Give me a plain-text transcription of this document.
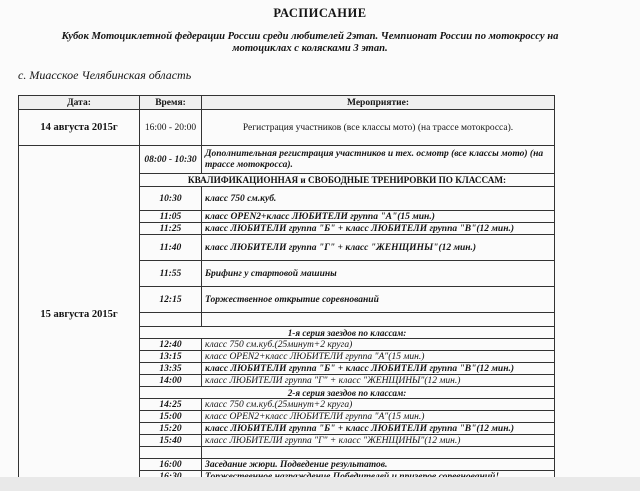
РАСПИСАНИЕ
Кубок Мотоциклетной федерации России среди любителей 2этап. Чемпионат России по мотокроссу на мотоциклах с колясками 3 этап.
с. Миасское Челябинская область
Дата:	Время:	Мероприятие:
14 августа 2015г	16:00 - 20:00	Регистрация участников (все классы мото) (на трассе мотокросса).
15 августа 2015г	08:00 - 10:30	Дополнительная регистрация участников и тех. осмотр (все классы мото) (на трассе мотокросса).
	КВАЛИФИКАЦИОННАЯ и СВОБОДНЫЕ ТРЕНИРОВКИ ПО КЛАССАМ:	
	10:30	класс 750 см.куб.
	11:05	класс OPEN2+класс ЛЮБИТЕЛИ группа "А"(15 мин.)
	11:25	класс ЛЮБИТЕЛИ группа "Б" + класс ЛЮБИТЕЛИ группа "В"(12 мин.)
	11:40	класс ЛЮБИТЕЛИ группа "Г" + класс "ЖЕНЩИНЫ"(12 мин.)
	11:55	Брифинг у стартовой машины
	12:15	Торжественное открытие соревнований

	1-я серия заездов по классам:	
	12:40	класс 750 см.куб.(25минут+2 круга)
	13:15	класс OPEN2+класс ЛЮБИТЕЛИ группа "А"(15 мин.)
	13:35	класс ЛЮБИТЕЛИ группа "Б" + класс ЛЮБИТЕЛИ группа "В"(12 мин.)
	14:00	класс ЛЮБИТЕЛИ группа "Г" + класс "ЖЕНЩИНЫ"(12 мин.)
	2-я серия заездов по классам:	
	14:25	класс 750 см.куб.(25минут+2 круга)
	15:00	класс OPEN2+класс ЛЮБИТЕЛИ группа "А"(15 мин.)
	15:20	класс ЛЮБИТЕЛИ группа "Б" + класс ЛЮБИТЕЛИ группа "В"(12 мин.)
	15:40	класс ЛЮБИТЕЛИ группа "Г" + класс "ЖЕНЩИНЫ"(12 мин.)

	16:00	Заседание жюри. Подведение результатов.
